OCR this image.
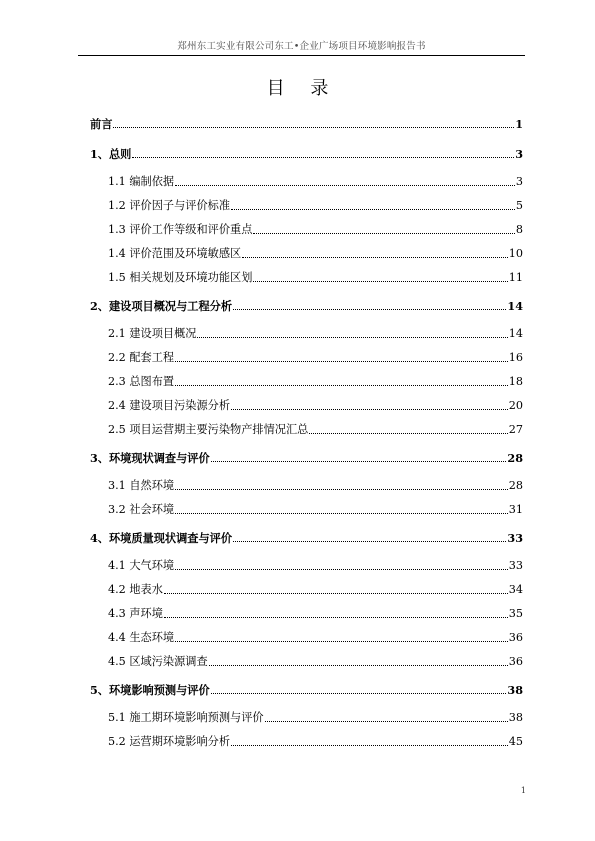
郑州东工实业有限公司东工•企业广场项目环境影响报告书
目 录
前言	1
1、总则	3
1.1 编制依据	3
1.2 评价因子与评价标准	5
1.3 评价工作等级和评价重点	8
1.4 评价范围及环境敏感区	10
1.5 相关规划及环境功能区划	11
2、建设项目概况与工程分析	14
2.1 建设项目概况	14
2.2 配套工程	16
2.3 总图布置	18
2.4 建设项目污染源分析	20
2.5 项目运营期主要污染物产排情况汇总	27
3、环境现状调查与评价	28
3.1 自然环境	28
3.2 社会环境	31
4、环境质量现状调查与评价	33
4.1 大气环境	33
4.2 地表水	34
4.3 声环境	35
4.4 生态环境	36
4.5 区域污染源调查	36
5、环境影响预测与评价	38
5.1 施工期环境影响预测与评价	38
5.2 运营期环境影响分析	45
1
